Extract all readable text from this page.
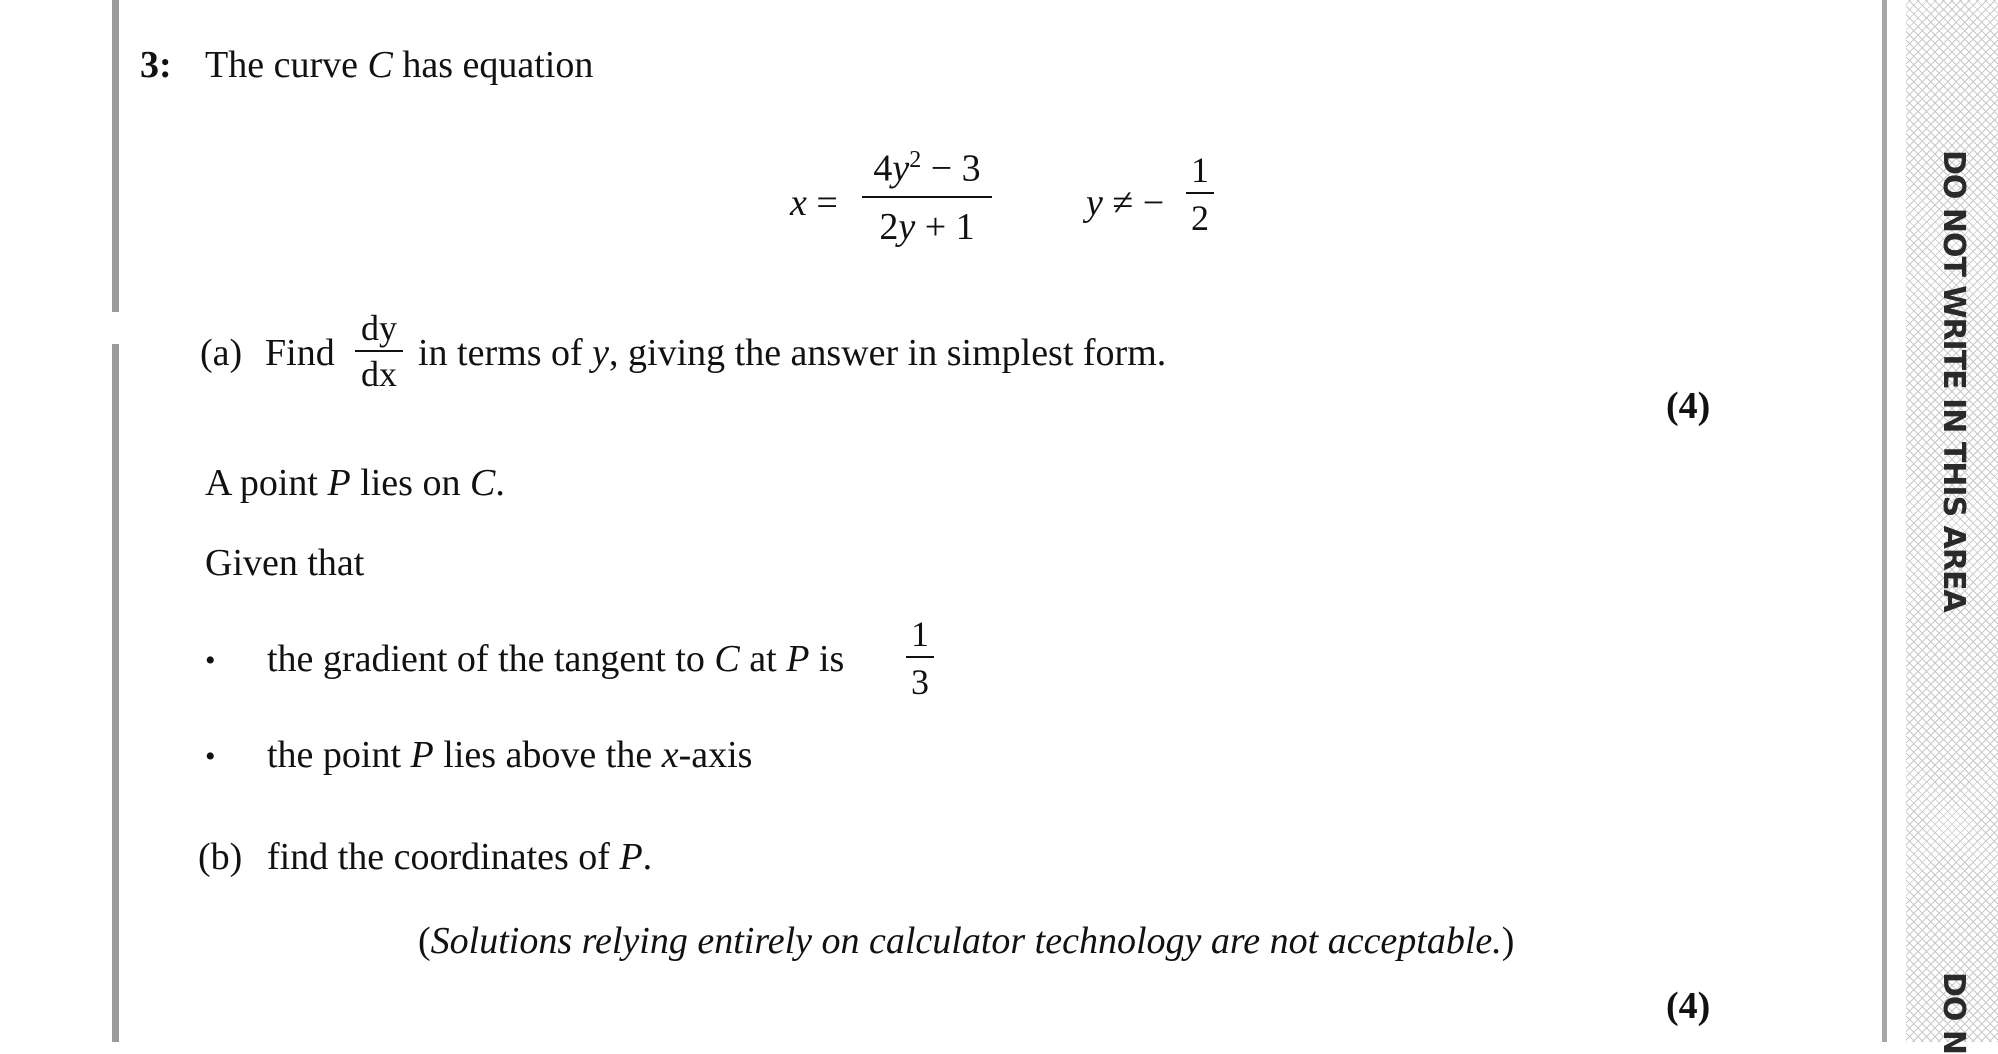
DO NOT WRITE IN THIS AREA
DO N
3: The curve C has equation
x =
$4y^2 - 3$
2y + 1
y ≠ −
1
2
(a) Find
dy
dx in terms of y, giving the answer in simplest form.
(4)
A point P lies on C.
Given that
• the gradient of the tangent to C at P is
1
3
• the point P lies above the x-axis
(b) find the coordinates of P.
(Solutions relying entirely on calculator technology are not acceptable.)
(4)
